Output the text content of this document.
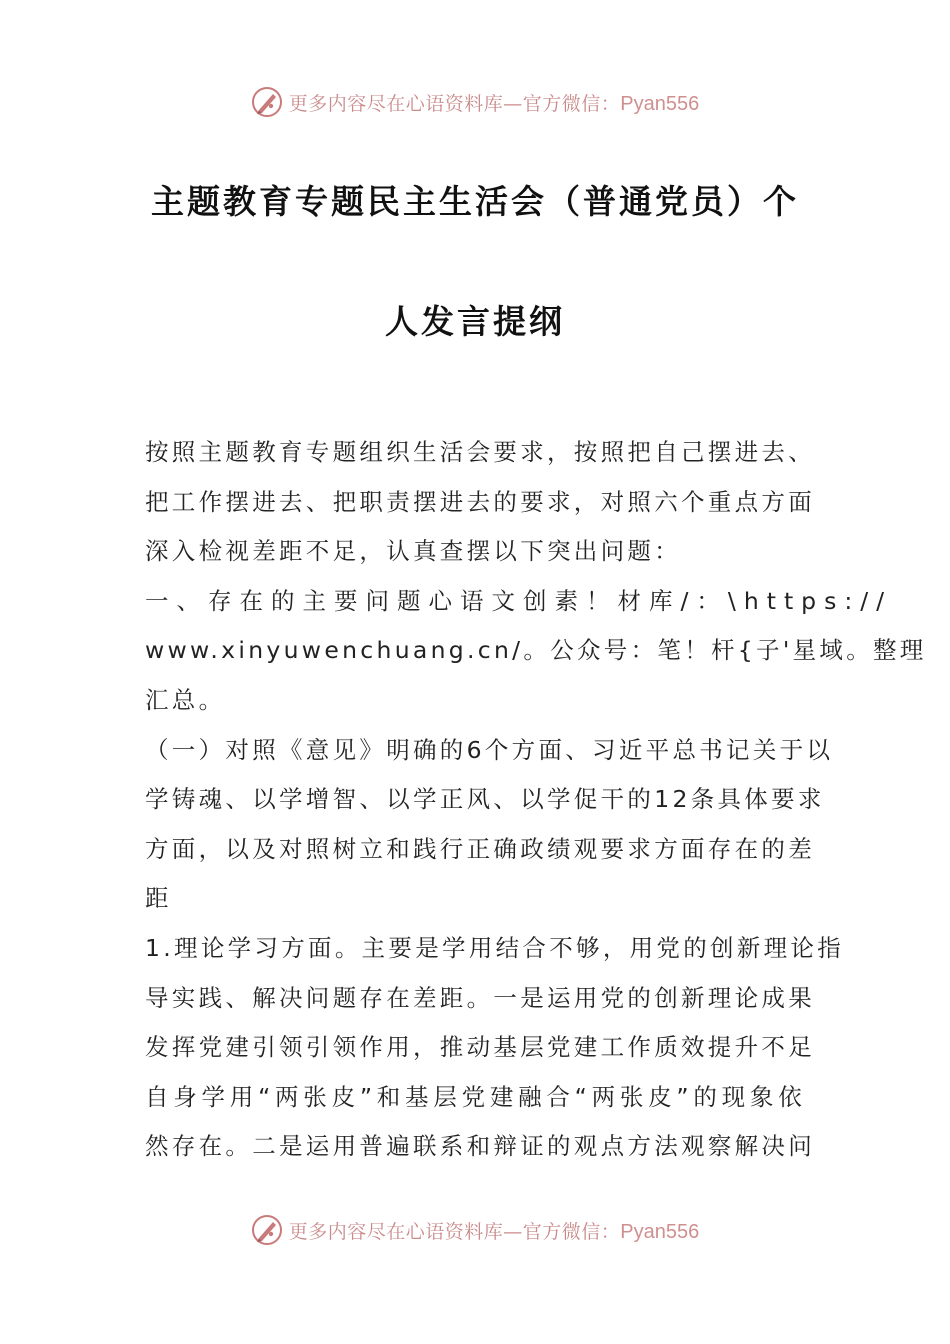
更多内容尽在心语资料库—官方微信：Pyan556
主题教育专题民主生活会（普通党员）个
人发言提纲
按照主题教育专题组织生活会要求，按照把自己摆进去、
把工作摆进去、把职责摆进去的要求，对照六个重点方面
深入检视差距不足，认真查摆以下突出问题：
一、存在的主要问题心语文创素！材库/：\https://
www.xinyuwenchuang.cn/。公众号：笔！杆{子'星域。整理
汇总。
（一）对照《意见》明确的6个方面、习近平总书记关于以
学铸魂、以学增智、以学正风、以学促干的12条具体要求
方面，以及对照树立和践行正确政绩观要求方面存在的差
距
1.理论学习方面。主要是学用结合不够，用党的创新理论指
导实践、解决问题存在差距。一是运用党的创新理论成果
发挥党建引领引领作用，推动基层党建工作质效提升不足
自身学用“两张皮”和基层党建融合“两张皮”的现象依
然存在。二是运用普遍联系和辩证的观点方法观察解决问
更多内容尽在心语资料库—官方微信：Pyan556
